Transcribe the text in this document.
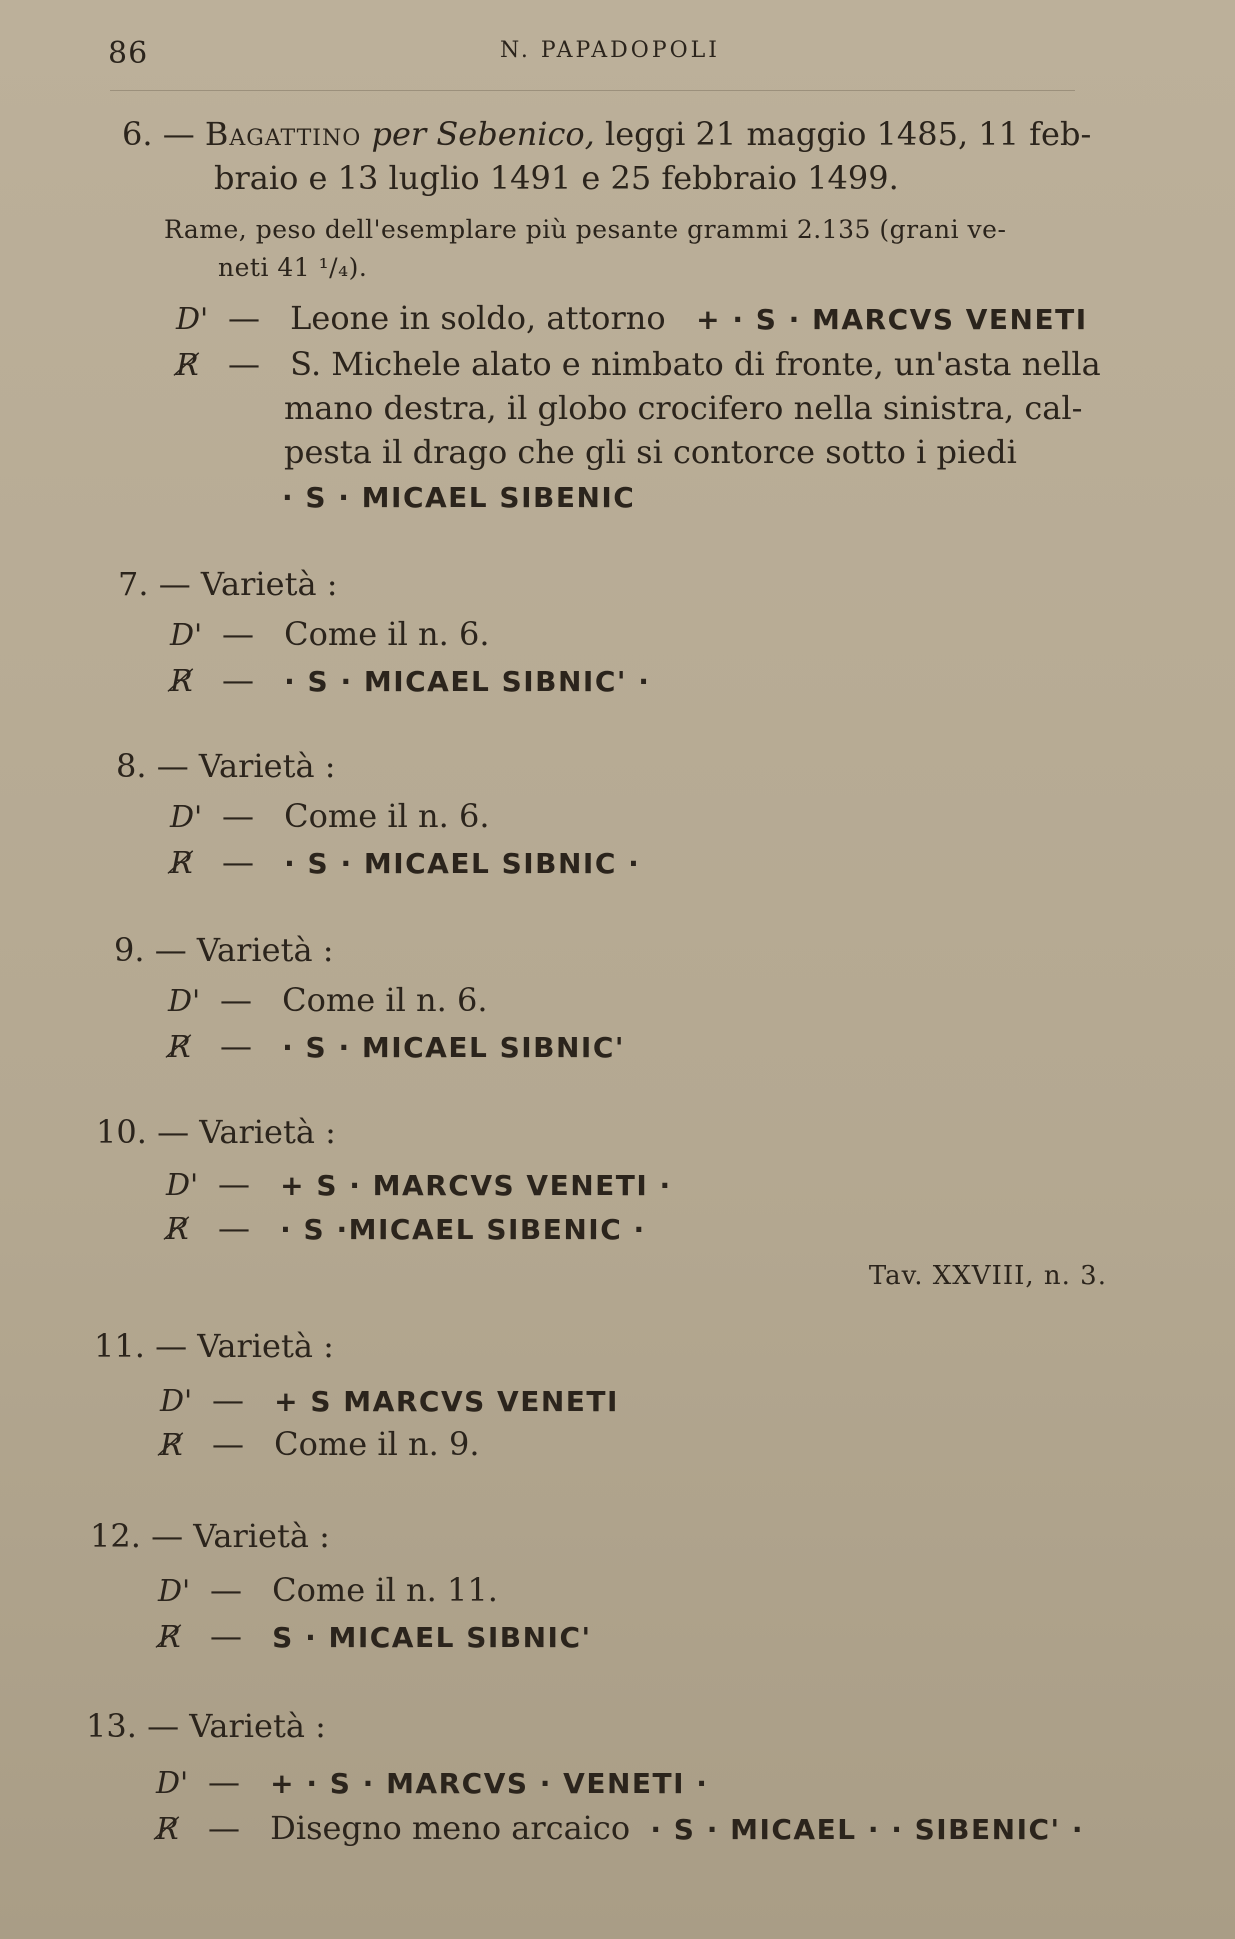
86	N. PAPADOPOLI
6. — Bagattino per Sebenico, leggi 21 maggio 1485, 11 feb-
braio e 13 luglio 1491 e 25 febbraio 1499.
Rame, peso dell'esemplare più pesante grammi 2.135 (grani ve-
neti 41 ¹/₄).
D' — Leone in soldo, attorno + · S · MARCVS VENETI
R̸ — S. Michele alato e nimbato di fronte, un'asta nella
mano destra, il globo crocifero nella sinistra, cal-
pesta il drago che gli si contorce sotto i piedi
· S · MICAEL SIBENIC
7. — Varietà :
D' — Come il n. 6.
R̸ — · S · MICAEL SIBNIC' ·
8. — Varietà :
D' — Come il n. 6.
R̸ — · S · MICAEL SIBNIC ·
9. — Varietà :
D' — Come il n. 6.
R̸ — · S · MICAEL SIBNIC'
10. — Varietà :
D' — + S · MARCVS VENETI ·
R̸ — · S ·MICAEL SIBENIC ·
Tav. XXVIII, n. 3.
11. — Varietà :
D' — + S MARCVS VENETI
R̸ — Come il n. 9.
12. — Varietà :
D' — Come il n. 11.
R̸ — S · MICAEL SIBNIC'
13. — Varietà :
D' — + · S · MARCVS · VENETI ·
R̸ — Disegno meno arcaico · S · MICAEL · · SIBENIC' ·
